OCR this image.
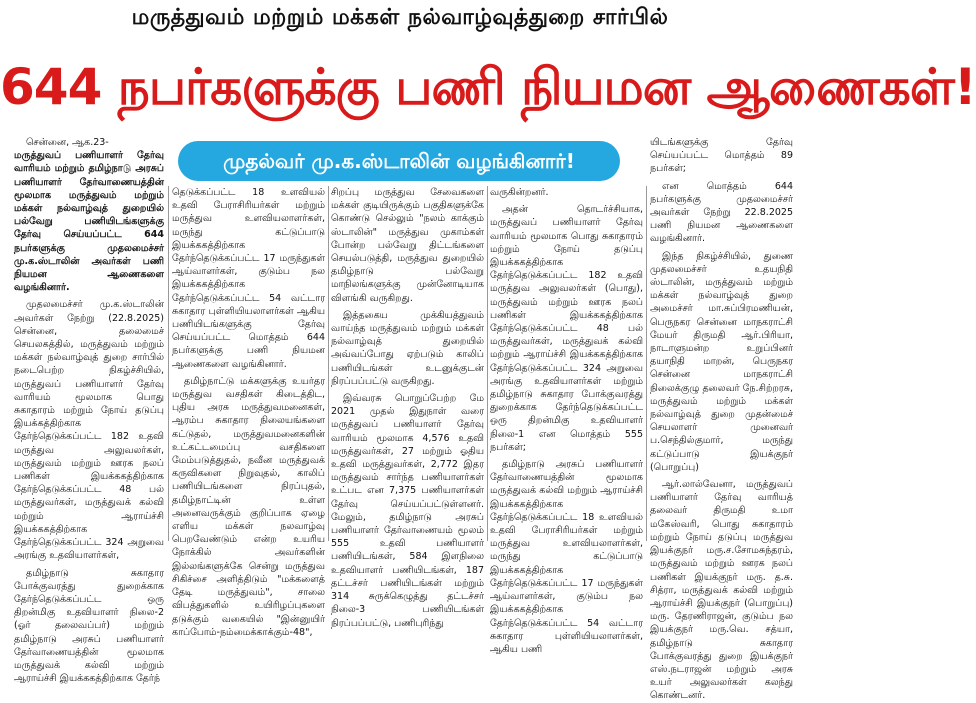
மருத்துவம் மற்றும் மக்கள் நல்வாழ்வுத்துறை சார்பில்
644 நபர்களுக்கு பணி நியமன ஆணைகள்!
முதல்வர் மு.க.ஸ்டாலின் வழங்கினார்!

சென்னை, ஆக.23-

மருத்துவப் பணியாளர் தேர்வு வாரியம் மற்றும் தமிழ்நாடு அரசுப் பணியாளர் தேர்வாணையத்தின் மூலமாக மருத்துவம் மற்றும் மக்கள் நல்வாழ்வுத் துறையில் பல்வேறு பணியிடங்களுக்கு தேர்வு செய்யப்பட்ட 644 நபர்களுக்கு முதலமைச்சர் மு.க.ஸ்டாலின் அவர்கள் பணி நியமன ஆணைகளை வழங்கினார்.

முதலமைச்சர் மு.க.ஸ்டாலின் அவர்கள் நேற்று (22.8.2025) சென்னை, தலைமைச் செயலகத்தில், மருத்துவம் மற்றும் மக்கள் நல்வாழ்வுத் துறை சார்பில் நடைபெற்ற நிகழ்ச்சியில், மருத்துவப் பணியாளர் தேர்வு வாரியம் மூலமாக பொது சுகாதாரம் மற்றும் நோய் தடுப்பு இயக்கத்திற்காக தேர்ந்தெடுக்கப்பட்ட 182 உதவி மருத்துவ அலுவலர்கள், மருத்துவம் மற்றும் ஊரக நலப் பணிகள் இயக்ககத்திற்காக தேர்ந்தெடுக்கப்பட்ட 48 பல் மருத்துவர்கள், மருத்துவக் கல்வி மற்றும் ஆராய்ச்சி இயக்ககத்திற்காக தேர்ந்தெடுக்கப்பட்ட 324 அறுவை அரங்கு உதவியாளர்கள்,

தமிழ்நாடு சுகாதார போக்குவரத்து துறைக்காக தேர்ந்தெடுக்கப்பட்ட ஒரு திறன்மிகு உதவியாளர் நிலை-2 (ஓர் தலைவப்பர்) மற்றும் தமிழ்நாடு அரசுப் பணியாளர் தேர்வாணையத்தின் மூலமாக மருத்துவக் கல்வி மற்றும் ஆராய்ச்சி இயக்ககத்திற்காக தேர்ந்

தெடுக்கப்பட்ட 18 உளவியல் உதவி பேராசிரியர்கள் மற்றும் மருத்துவ உளவியலாளர்கள், மருந்து கட்டுப்பாடு இயக்ககத்திற்காக தேர்ந்தெடுக்கப்பட்ட 17 மருந்துகள் ஆய்வாளர்கள், குடும்ப நல இயக்ககத்திற்காக தேர்ந்தெடுக்கப்பட்ட 54 வட்டார சுகாதார புள்ளியியலாளர்கள் ஆகிய பணியிடங்களுக்கு தேர்வு செய்யப்பட்ட மொத்தம் 644 நபர்களுக்கு பணி நியமன ஆணைகளை வழங்கினார்.

தமிழ்நாட்டு மக்களுக்கு உயர்தர மருத்துவ வசதிகள் கிடைத்திட, புதிய அரசு மருத்துவமனைகள், ஆரம்ப சுகாதார நிலையங்களை கட்டுதல், மருத்துவமனைகளின் உட்கட்டமைப்பு வசதிகளை மேம்படுத்துதல், நவீன மருத்துவக் கருவிகளை நிறுவுதல், காலிப் பணியிடங்களை நிரப்புதல், தமிழ்நாட்டின் உள்ள அனைவருக்கும் குறிப்பாக ஏழை எளிய மக்கள் நலவாழ்வு பெறவேண்டும் என்ற உயரிய நோக்கில் அவர்களின் இல்லங்களுக்கே சென்று மருத்துவ சிகிச்சை அளித்திடும் "மக்களைத் தேடி மருத்துவம்", சாலை விபத்துகளில் உயிரிழப்புகளை தடுக்கும் வகையில் "இன்னுயிர் காப்போம்-நம்மைக்காக்கும்-48",

சிறப்பு மருத்துவ சேவைகளை மக்கள் குடியிருக்கும் பகுதிகளுக்கே கொண்டு செல்லும் "நலம் காக்கும் ஸ்டாலின்" மருத்துவ முகாம்கள் போன்ற பல்வேறு திட்டங்களை செயல்படுத்தி, மருத்துவ துறையில் தமிழ்நாடு பல்வேறு மாநிலங்களுக்கு முன்னோடியாக விளங்கி வருகிறது.

இத்தகைய முக்கியத்துவம் வாய்ந்த மருத்துவம் மற்றும் மக்கள் நல்வாழ்வுத் துறையில் அவ்வப்போது ஏற்படும் காலிப் பணியிடங்கள் உடனுக்குடன் நிரப்பப்பட்டு வருகிறது.

இவ்வரசு பொறுப்பேற்ற மே 2021 முதல் இதுநாள் வரை மருத்துவப் பணியாளர் தேர்வு வாரியம் மூலமாக 4,576 உதவி மருத்துவர்கள், 27 மற்றும் ஓதிய உதவி மருத்துவர்கள், 2,772 இதர மருத்துவம் சார்ந்த பணியாளர்கள் உட்பட என 7,375 பணியாளர்கள் தேர்வு செய்யப்பட்டுள்ளனர். மேலும், தமிழ்நாடு அரசுப் பணியாளர் தேர்வாணையம் மூலம் 555 உதவி பணியாளர் பணியிடங்கள், 584 இளநிலை உதவியாளர் பணியிடங்கள், 187 தட்டச்சர் பணியிடங்கள் மற்றும் 314 சுருக்கெழுத்து தட்டச்சர் நிலை-3 பணியிடங்கள் நிரப்பப்பட்டு, பணிபுரிந்து

வருகின்றனர்.

அதன் தொடர்ச்சியாக, மருத்துவப் பணியாளர் தேர்வு வாரியம் மூலமாக பொது சுகாதாரம் மற்றும் நோய் தடுப்பு இயக்ககத்திற்காக தேர்ந்தெடுக்கப்பட்ட 182 உதவி மருத்துவ அலுவலர்கள் (பொது), மருத்துவம் மற்றும் ஊரக நலப் பணிகள் இயக்ககத்திற்காக தேர்ந்தெடுக்கப்பட்ட 48 பல் மருத்துவர்கள், மருத்துவக் கல்வி மற்றும் ஆராய்ச்சி இயக்ககத்திற்காக தேர்ந்தெடுக்கப்பட்ட 324 அறுவை அரங்கு உதவியாளர்கள் மற்றும் தமிழ்நாடு சுகாதார போக்குவரத்து துறைக்காக தேர்ந்தெடுக்கப்பட்ட ஒரு திறன்மிகு உதவியாளர் நிலை-1 என மொத்தம் 555 நபர்கள்;

தமிழ்நாடு அரசுப் பணியாளர் தேர்வாணையத்தின் மூலமாக மருத்துவக் கல்வி மற்றும் ஆராய்ச்சி இயக்ககத்திற்காக தேர்ந்தெடுக்கப்பட்ட 18 உளவியல் உதவி பேராசிரியர்கள் மற்றும் மருத்துவ உளவியலாளர்கள், மருந்து கட்டுப்பாடு இயக்ககத்திற்காக தேர்ந்தெடுக்கப்பட்ட 17 மருந்துகள் ஆய்வாளர்கள், குடும்ப நல இயக்ககத்திற்காக தேர்ந்தெடுக்கப்பட்ட 54 வட்டார சுகாதார புள்ளியியலாளர்கள், ஆகிய பணி

யிடங்களுக்கு தேர்வு செய்யப்பட்ட மொத்தம் 89 நபர்கள்;

என மொத்தம் 644 நபர்களுக்கு முதலமைச்சர் அவர்கள் நேற்று 22.8.2025 பணி நியமன ஆணைகளை வழங்கினார்.

இந்த நிகழ்ச்சியில், துணை முதலமைச்சர் உதயநிதி ஸ்டாலின், மருத்துவம் மற்றும் மக்கள் நல்வாழ்வுத் துறை அமைச்சர் மா.சுப்பிரமணியன், பெருநகர சென்னை மாநகராட்சி மேயர் திருமதி ஆர்.பிரியா, நாடாளுமன்ற உறுப்பினர் தயாநிதி மாறன், பெருநகர சென்னை மாநகராட்சி நிலைக்குழு தலைவர் நே.சிற்றரசு, மருத்துவம் மற்றும் மக்கள் நல்வாழ்வுத் துறை முதன்மைச் செயலாளர் முனைவர் ப.செந்தில்குமார், மருந்து கட்டுப்பாடு இயக்குநர் (பொறுப்பு)

ஆர்.லால்வேனா, மருத்துவப் பணியாளர் தேர்வு வாரியத் தலைவர் திருமதி உமா மகேஸ்வரி, பொது சுகாதாரம் மற்றும் நோய் தடுப்பு மருத்துவ இயக்குநர் மரு.ச.சோமசுந்தரம், மருத்துவம் மற்றும் ஊரக நலப் பணிகள் இயக்குநர் மரு. த.சு. சித்ரா, மருத்துவக் கல்வி மற்றும் ஆராய்ச்சி இயக்குநர் (பொறுப்பு) மரு. தேரணிராஜன், குடும்ப நல இயக்குநர் மரு.வெ. சத்யா, தமிழ்நாடு சுகாதார போக்குவரத்து துறை இயக்குநர் எஸ்.நடராஜன் மற்றும் அரசு உயர் அலுவலர்கள் கலந்து கொண்டனர்.
